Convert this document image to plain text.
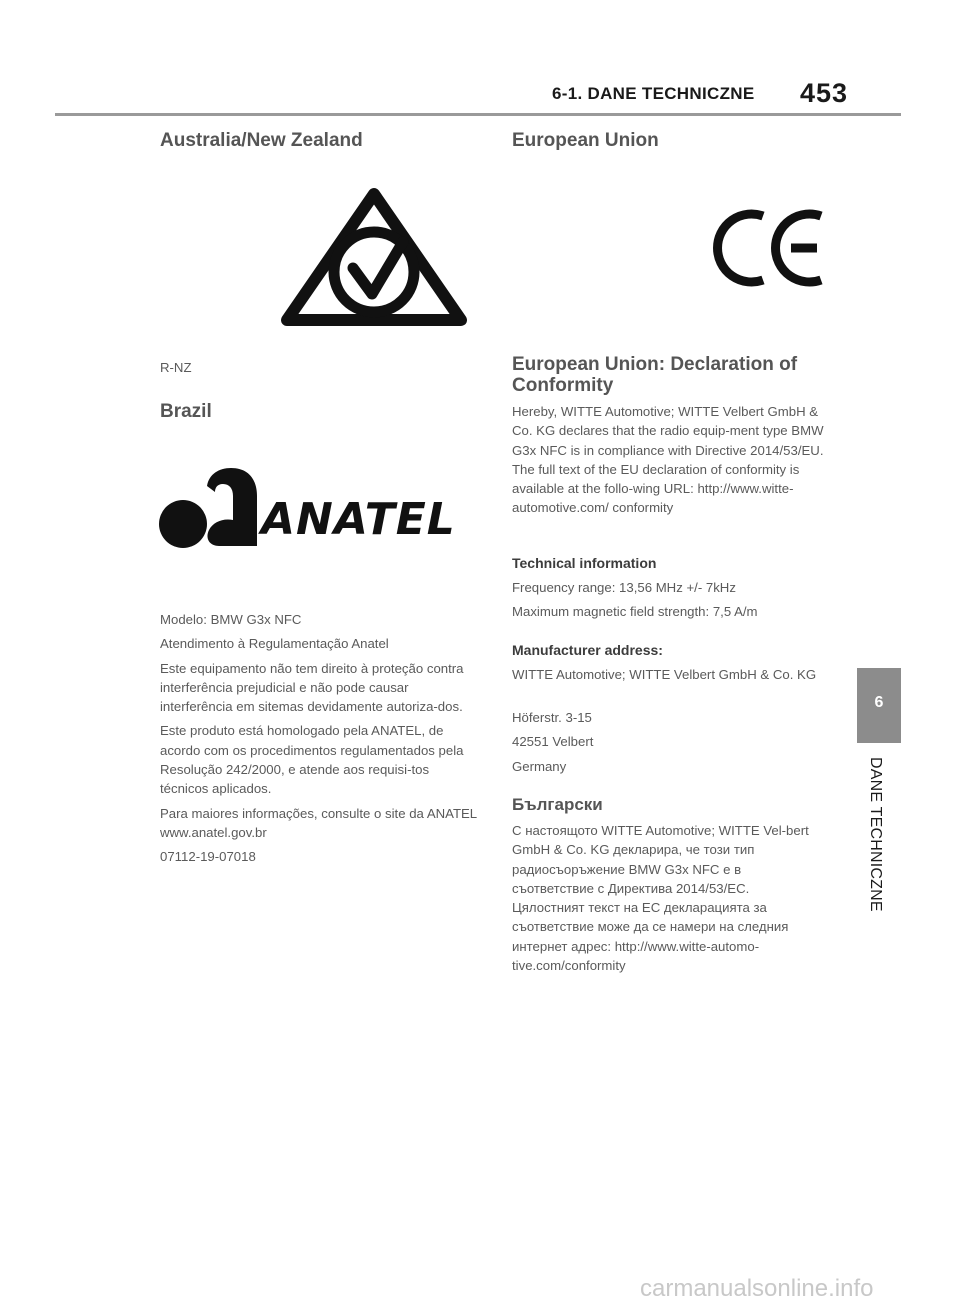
6-1. DANE TECHNICZNE 453
Australia/New Zealand

R-NZ

Brazil
ANATEL

Modelo: BMW G3x NFC

Atendimento à Regulamentação Anatel

Este equipamento não tem direito à proteção contra interferência prejudicial e não pode causar interferência em sitemas devidamente autoriza-dos.

Este produto está homologado pela ANATEL, de acordo com os procedimentos regulamentados pela Resolução 242/2000, e atende aos requisi-tos técnicos aplicados.

Para maiores informações, consulte o site da ANATEL www.anatel.gov.br

07112-19-07018

European Union
European Union: Declaration of Conformity

Hereby, WITTE Automotive; WITTE Velbert GmbH & Co. KG declares that the radio equip-ment type BMW G3x NFC is in compliance with Directive 2014/53/EU. The full text of the EU declaration of conformity is available at the follo-wing URL: http://www.witte-automotive.com/ conformity

Technical information

Frequency range: 13,56 MHz +/- 7kHz

Maximum magnetic field strength: 7,5 A/m

Manufacturer address:

WITTE Automotive; WITTE Velbert GmbH & Co. KG

Höferstr. 3-15

42551 Velbert

Germany

Български

С настоящото WITTE Automotive; WITTE Vel-bert GmbH & Co. KG декларира, че този тип радиосъоръжение BMW G3x NFC е в съответствие с Директива 2014/53/ЕС. Цялостният текст на ЕС декларацията за съответствие може да се намери на следния интернет адрес: http://www.witte-automo-tive.com/conformity

6
DANE TECHNICZNE
carmanualsonline.info
